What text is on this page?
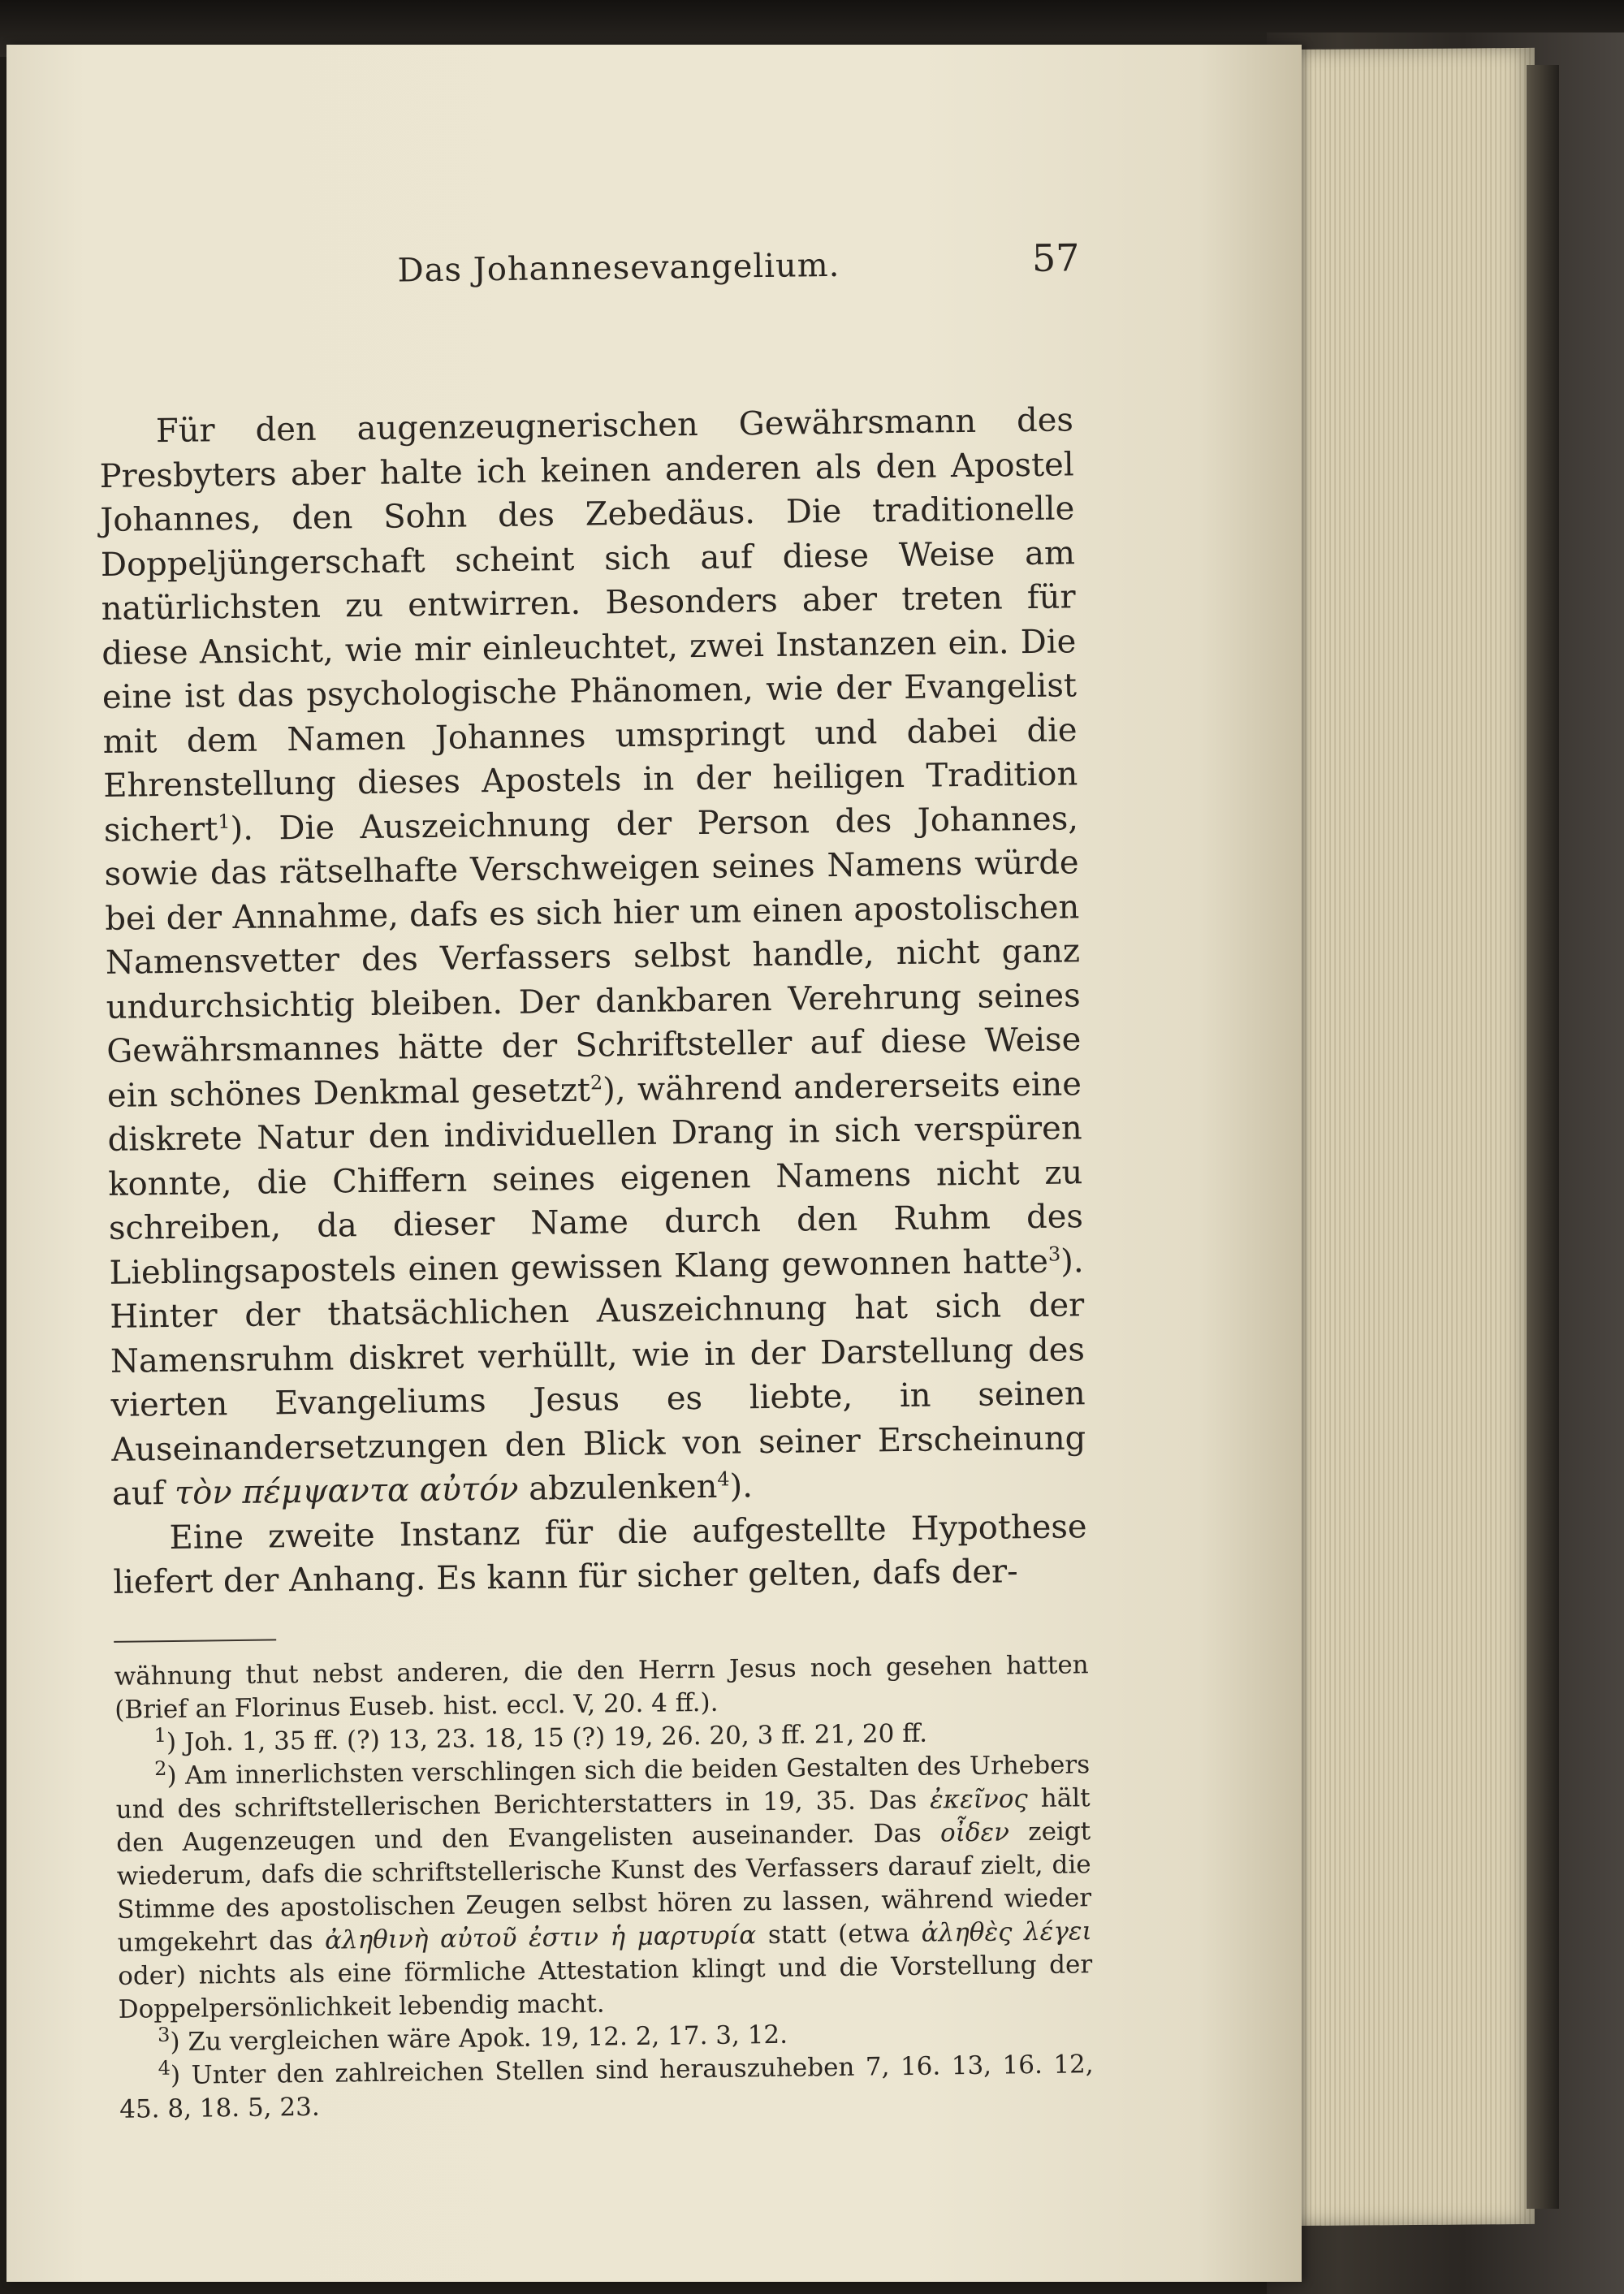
Das Johannesevangelium.	57

Für den augenzeugnerischen Gewährsmann des Presbyters aber halte ich keinen anderen als den Apostel Johannes, den Sohn des Zebedäus. Die traditionelle Doppeljüngerschaft scheint sich auf diese Weise am natürlichsten zu entwirren. Besonders aber treten für diese Ansicht, wie mir einleuchtet, zwei Instanzen ein. Die eine ist das psychologische Phänomen, wie der Evangelist mit dem Namen Johannes umspringt und dabei die Ehrenstellung dieses Apostels in der heiligen Tradition sichert$^1$). Die Auszeichnung der Person des Johannes, sowie das rätselhafte Verschweigen seines Namens würde bei der Annahme, dafs es sich hier um einen apostolischen Namensvetter des Verfassers selbst handle, nicht ganz undurchsichtig bleiben. Der dankbaren Verehrung seines Gewährsmannes hätte der Schriftsteller auf diese Weise ein schönes Denkmal gesetzt$^2$), während andererseits eine diskrete Natur den individuellen Drang in sich verspüren konnte, die Chiffern seines eigenen Namens nicht zu schreiben, da dieser Name durch den Ruhm des Lieblingsapostels einen gewissen Klang gewonnen hatte$^3$). Hinter der thatsächlichen Auszeichnung hat sich der Namensruhm diskret verhüllt, wie in der Darstellung des vierten Evangeliums Jesus es liebte, in seinen Auseinandersetzungen den Blick von seiner Erscheinung auf τὸν πέμψαντα αὐτόν abzulenken$^4$).

Eine zweite Instanz für die aufgestellte Hypothese liefert der Anhang. Es kann für sicher gelten, dafs der-

wähnung thut nebst anderen, die den Herrn Jesus noch gesehen hatten (Brief an Florinus Euseb. hist. eccl. V, 20. 4 ff.).

$^1$) Joh. 1, 35 ff. (?) 13, 23. 18, 15 (?) 19, 26. 20, 3 ff. 21, 20 ff.

$^2$) Am innerlichsten verschlingen sich die beiden Gestalten des Urhebers und des schriftstellerischen Berichterstatters in 19, 35. Das ἐκεῖνος hält den Augenzeugen und den Evangelisten auseinander. Das οἶδεν zeigt wiederum, dafs die schriftstellerische Kunst des Verfassers darauf zielt, die Stimme des apostolischen Zeugen selbst hören zu lassen, während wieder umgekehrt das ἀληθινὴ αὐτοῦ ἐστιν ἡ μαρτυρία statt (etwa ἀληθὲς λέγει oder) nichts als eine förmliche Attestation klingt und die Vorstellung der Doppelpersönlichkeit lebendig macht.

$^3$) Zu vergleichen wäre Apok. 19, 12. 2, 17. 3, 12.

$^4$) Unter den zahlreichen Stellen sind herauszuheben 7, 16. 13, 16. 12, 45. 8, 18. 5, 23.
